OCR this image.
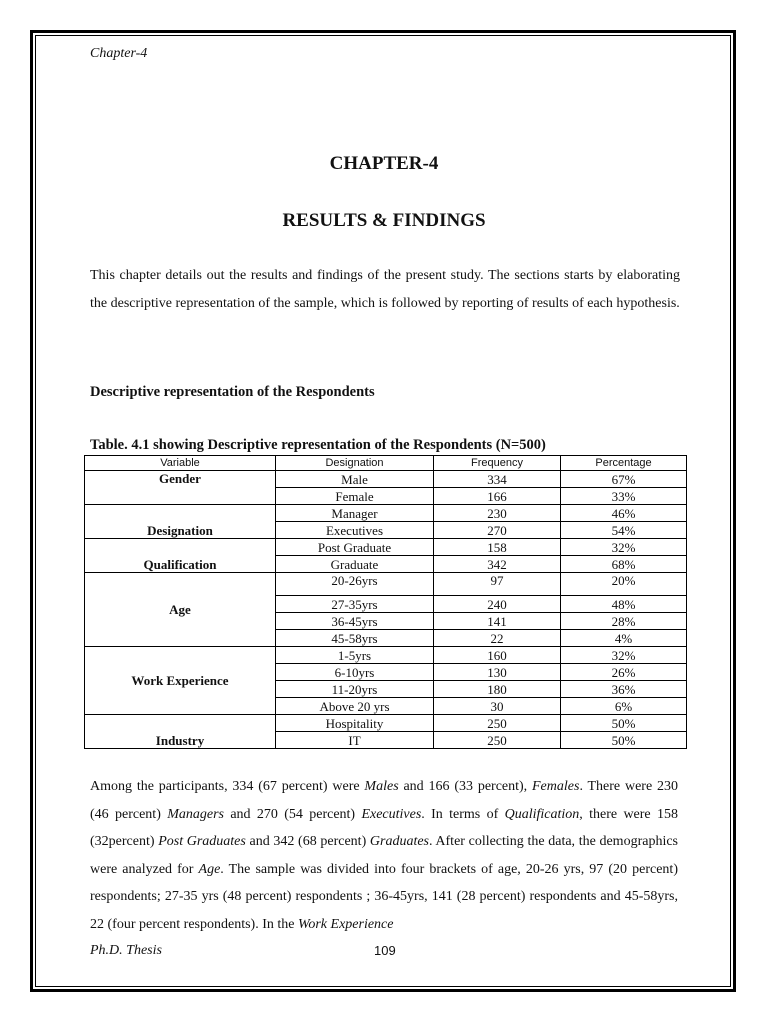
Chapter-4
CHAPTER-4
RESULTS & FINDINGS
This chapter details out the results and findings of the present study. The sections starts by elaborating the descriptive representation of the sample, which is followed by reporting of results of each hypothesis.
Descriptive representation of the Respondents
Table. 4.1 showing Descriptive representation of the Respondents (N=500)
Variable	Designation	Frequency	Percentage
Gender	Male	334	67%
	Female	166	33%
Designation	Manager	230	46%
	Executives	270	54%
Qualification	Post Graduate	158	32%
	Graduate	342	68%
Age	20-26yrs	97	20%
	27-35yrs	240	48%
	36-45yrs	141	28%
	45-58yrs	22	4%
Work Experience	1-5yrs	160	32%
	6-10yrs	130	26%
	11-20yrs	180	36%
	Above 20 yrs	30	6%
Industry	Hospitality	250	50%
	IT	250	50%

Among the participants, 334 (67 percent) were Males and 166 (33 percent), Females. There were 230 (46 percent) Managers and 270 (54 percent) Executives. In terms of Qualification, there were 158 (32percent) Post Graduates and 342 (68 percent) Graduates. After collecting the data, the demographics were analyzed for Age. The sample was divided into four brackets of age, 20-26 yrs, 97 (20 percent) respondents; 27-35 yrs (48 percent) respondents ; 36-45yrs, 141 (28 percent) respondents and 45-58yrs, 22 (four percent respondents). In the Work Experience

Ph.D. Thesis	109
